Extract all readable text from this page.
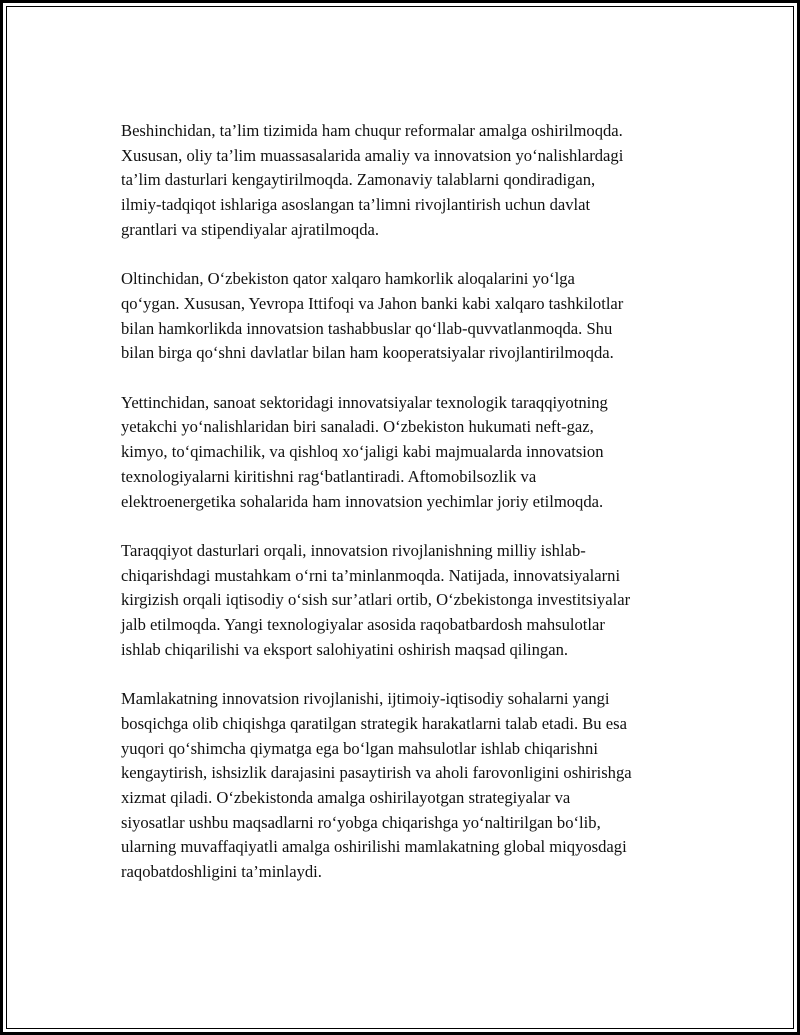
Beshinchidan, ta’lim tizimida ham chuqur reformalar amalga oshirilmoqda.
Xususan, oliy ta’lim muassasalarida amaliy va innovatsion yo‘nalishlardagi
ta’lim dasturlari kengaytirilmoqda. Zamonaviy talablarni qondiradigan,
ilmiy-tadqiqot ishlariga asoslangan ta’limni rivojlantirish uchun davlat
grantlari va stipendiyalar ajratilmoqda.

Oltinchidan, O‘zbekiston qator xalqaro hamkorlik aloqalarini yo‘lga
qo‘ygan. Xususan, Yevropa Ittifoqi va Jahon banki kabi xalqaro tashkilotlar
bilan hamkorlikda innovatsion tashabbuslar qo‘llab-quvvatlanmoqda. Shu
bilan birga qo‘shni davlatlar bilan ham kooperatsiyalar rivojlantirilmoqda.

Yettinchidan, sanoat sektoridagi innovatsiyalar texnologik taraqqiyotning
yetakchi yo‘nalishlaridan biri sanaladi. O‘zbekiston hukumati neft-gaz,
kimyo, to‘qimachilik, va qishloq xo‘jaligi kabi majmualarda innovatsion
texnologiyalarni kiritishni rag‘batlantiradi. Aftomobilsozlik va
elektroenergetika sohalarida ham innovatsion yechimlar joriy etilmoqda.

Taraqqiyot dasturlari orqali, innovatsion rivojlanishning milliy ishlab-
chiqarishdagi mustahkam o‘rni ta’minlanmoqda. Natijada, innovatsiyalarni
kirgizish orqali iqtisodiy o‘sish sur’atlari ortib, O‘zbekistonga investitsiyalar
jalb etilmoqda. Yangi texnologiyalar asosida raqobatbardosh mahsulotlar
ishlab chiqarilishi va eksport salohiyatini oshirish maqsad qilingan.

Mamlakatning innovatsion rivojlanishi, ijtimoiy-iqtisodiy sohalarni yangi
bosqichga olib chiqishga qaratilgan strategik harakatlarni talab etadi. Bu esa
yuqori qo‘shimcha qiymatga ega bo‘lgan mahsulotlar ishlab chiqarishni
kengaytirish, ishsizlik darajasini pasaytirish va aholi farovonligini oshirishga
xizmat qiladi. O‘zbekistonda amalga oshirilayotgan strategiyalar va
siyosatlar ushbu maqsadlarni ro‘yobga chiqarishga yo‘naltirilgan bo‘lib,
ularning muvaffaqiyatli amalga oshirilishi mamlakatning global miqyosdagi
raqobatdoshligini ta’minlaydi.
